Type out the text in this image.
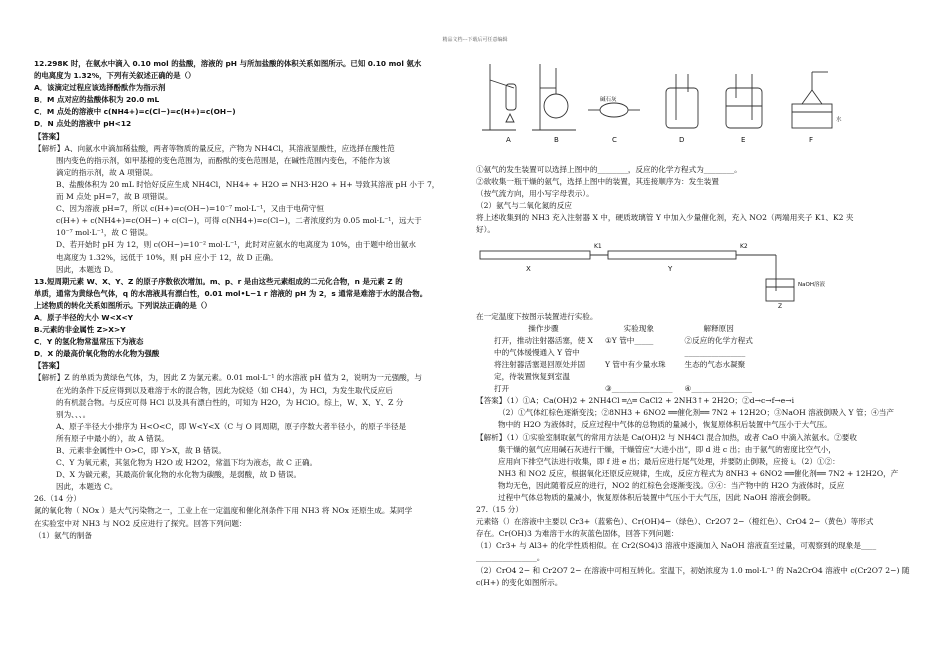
精品文档---下载后可任意编辑

12.298K 时，在氨水中滴入 0.10 mol 的盐酸，溶液的 pH 与所加盐酸的体积关系如图所示。已知 0.10 mol 氨水

的电离度为 1.32%，下列有关叙述正确的是（）

A．该滴定过程应该选择酚酞作为指示剂

B．M 点对应的盐酸体积为 20.0 mL

C．M 点处的溶液中 c(NH4+)=c(Cl−)=c(H+)=c(OH−)

D．N 点处的溶液中 pH<12

【答案】

【解析】A、向氨水中滴加稀盐酸，两者等物质的量反应，产物为 NH4Cl，其溶液显酸性，应选择在酸性范

围内变色的指示剂，如甲基橙的变色范围为，而酚酞的变色范围是，在碱性范围内变色，不能作为该

滴定的指示剂，故 A 项错误。

B、盐酸体积为 20 mL 时恰好反应生成 NH4Cl，NH4+ + H2O ⇌ NH3·H2O + H+ 导致其溶液 pH 小于 7，

而 M 点处 pH=7，故 B 项错误。

C、因为溶液 pH=7，所以 c(H+)=c(OH−)=10⁻⁷ mol·L⁻¹，又由于电荷守恒

c(H+) + c(NH4+)=c(OH−) + c(Cl−)，可得 c(NH4+)=c(Cl−)，二者浓度约为 0.05 mol·L⁻¹，远大于

10⁻⁷ mol·L⁻¹，故 C 错误。

D、若开始时 pH 为 12，则 c(OH−)=10⁻² mol·L⁻¹，此时对应氨水的电离度为 10%，由于题中给出氨水

电离度为 1.32%，远低于 10%，则 pH 应小于 12，故 D 正确。

因此，本题选 D。

13.短周期元素 W、X、Y、Z 的原子序数依次增加。m、p、r 是由这些元素组成的二元化合物，n 是元素 Z 的

单质，通常为黄绿色气体，q 的水溶液具有漂白性，0.01 mol•L−1 r 溶液的 pH 为 2，s 通常是难溶于水的混合物。

上述物质的转化关系如图所示。下列说法正确的是（）

A．原子半径的大小 W<X<Y

B.元素的非金属性 Z>X>Y

C．Y 的氢化物常温常压下为液态

D．X 的最高价氧化物的水化物为强酸

【答案】

【解析】Z 的单质为黄绿色气体，为，因此 Z 为氯元素。0.01 mol·L⁻¹ 的水溶液 pH 值为 2，说明为一元强酸，与

在光的条件下反应得到以及难溶于水的混合物，因此为烷烃（如 CH4），为 HCl，为发生取代反应后

的有机混合物。与反应可得 HCl 以及具有漂白性的，可知为 H2O，为 HClO。综上，W、X、Y、Z 分

别为、、、。

A、原子半径大小排序为 H<O<C，即 W<Y<X（C 与 O 同周期，原子序数大者半径小，的原子半径是

所有原子中最小的），故 A 错误。

B、元素非金属性中 O>C，即 Y>X，故 B 错误。

C、Y 为氧元素，其氢化物为 H2O 或 H2O2，常温下均为液态，故 C 正确。

D、X 为碳元素，其最高价氧化物的水化物为碳酸，是弱酸，故 D 错误。

因此，本题选 C。

26.（14 分）

氮的氧化物（ NOx ）是大气污染物之一，工业上在一定温度和催化剂条件下用 NH3 将 NOx 还原生成。某同学

在实验室中对 NH3 与 NO2 反应进行了探究。回答下列问题：

（1）氨气的制备

A	B	C	D	E	F
碱石灰
水

①氨气的发生装置可以选择上图中的________，反应的化学方程式为________。

②欲收集一瓶干燥的氨气，选择上图中的装置，其连接顺序为：发生装置

（按气流方向，用小写字母表示）。

（2）氨气与二氧化氮的反应

将上述收集到的 NH3 充入注射器 X 中，硬质玻璃管 Y 中加入少量催化剂，充入 NO2（两端用夹子 K1、K2 夹

好）。

X	Y
K1	K2
Z
NaOH溶液

在一定温度下按图示装置进行实验。

操作步骤	实验现象	解释原因
打开，推动注射器活塞，使 X	①Y 管中_____	②反应的化学方程式
中的气体缓慢通入 Y 管中		________________
将注射器活塞退回原处并固	Y 管中有少量水珠	生态的气态水凝聚
定，待装置恢复到室温		
打开	③________________	④________________

【答案】（1）①A；Ca(OH)2 + 2NH4Cl ═△═ CaCl2 + 2NH3↑+ 2H2O；②d→c→f→e→i

（2）①气体红棕色逐渐变浅；②8NH3 + 6NO2 ══催化剂══ 7N2 + 12H2O；③NaOH 溶液倒吸入 Y 管；④当产

物中的 H2O 为液体时，反应过程中气体的总物质的量减小，恢复原体积后装置中气压小于大气压。

【解析】（1）①实验室制取氨气的常用方法是 Ca(OH)2 与 NH4Cl 混合加热，或者 CaO 中滴入浓氨水。②要收

集干燥的氨气应用碱石灰进行干燥，干燥管应“大进小出”，即 d 进 c 出；由于氨气的密度比空气小，

应用向下排空气法进行收集，即 f 进 e 出；最后应进行尾气处理，并要防止倒吸，应接 i。（2）①②：

NH3 和 NO2 反应，根据氧化还原反应规律，生成，反应方程式为 8NH3 + 6NO2 ══催化剂══ 7N2 + 12H2O，产

物均无色，因此随着反应的进行，NO2 的红棕色会逐渐变浅。③④：当产物中的 H2O 为液体时，反应

过程中气体总物质的量减小，恢复原体积后装置中气压小于大气压，因此 NaOH 溶液会倒吸。

27.（15 分）

元素铬（）在溶液中主要以 Cr3+（蓝紫色）、Cr(OH)4−（绿色）、Cr2O7 2−（橙红色）、CrO4 2−（黄色）等形式

存在。Cr(OH)3 为难溶于水的灰蓝色固体，回答下列问题：

（1）Cr3+ 与 Al3+ 的化学性质相似。在 Cr2(SO4)3 溶液中逐滴加入 NaOH 溶液直至过量，可观察到的现象是____

________________。

（2）CrO4 2− 和 Cr2O7 2− 在溶液中可相互转化。室温下，初始浓度为 1.0 mol·L⁻¹ 的 Na2CrO4 溶液中 c(Cr2O7 2−) 随

c(H+) 的变化如图所示。
